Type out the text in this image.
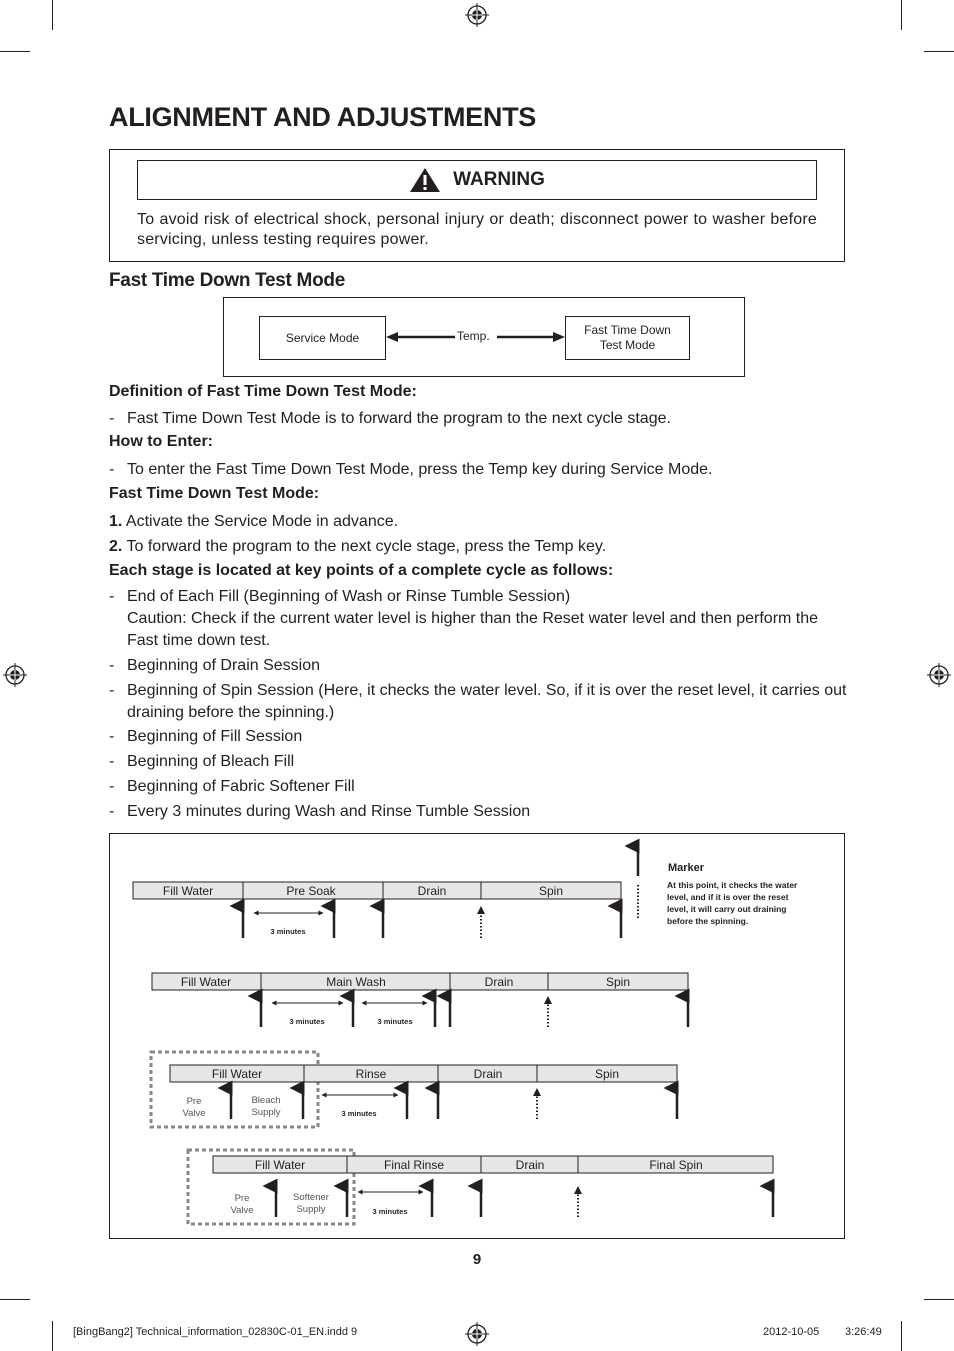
ALIGNMENT AND ADJUSTMENTS
WARNING
To avoid risk of electrical shock, personal injury or death; disconnect power to washer before servicing, unless testing requires power.
Fast Time Down Test Mode
Service Mode	Temp.	Fast Time Down
Test Mode
Definition of Fast Time Down Test Mode:
- Fast Time Down Test Mode is to forward the program to the next cycle stage.
How to Enter:
- To enter the Fast Time Down Test Mode, press the Temp key during Service Mode.
Fast Time Down Test Mode:
1. Activate the Service Mode in advance.
2. To forward the program to the next cycle stage, press the Temp key.
Each stage is located at key points of a complete cycle as follows:
- End of Each Fill (Beginning of Wash or Rinse Tumble Session)
Caution: Check if the current water level is higher than the Reset water level and then perform the Fast time down test.
- Beginning of Drain Session
- Beginning of Spin Session (Here, it checks the water level. So, if it is over the reset level, it carries out draining before the spinning.)
- Beginning of Fill Session
- Beginning of Bleach Fill
- Beginning of Fabric Softener Fill
- Every 3 minutes during Wash and Rinse Tumble Session
Marker
At this point, it checks the water
level, and if it is over the reset
level, it will carry out draining
before the spinning.
Fill Water	Pre Soak	Drain	Spin
3 minutes
Fill Water	Main Wash	Drain	Spin
3 minutes	3 minutes
Fill Water	Rinse	Drain	Spin
Pre
Valve
Bleach
Supply	3 minutes
Fill Water	Final Rinse	Drain	Final Spin
Pre
Valve
Softener
Supply	3 minutes
9
[BingBang2] Technical_information_02830C-01_EN.indd 9	2012-10-05 3:26:49
